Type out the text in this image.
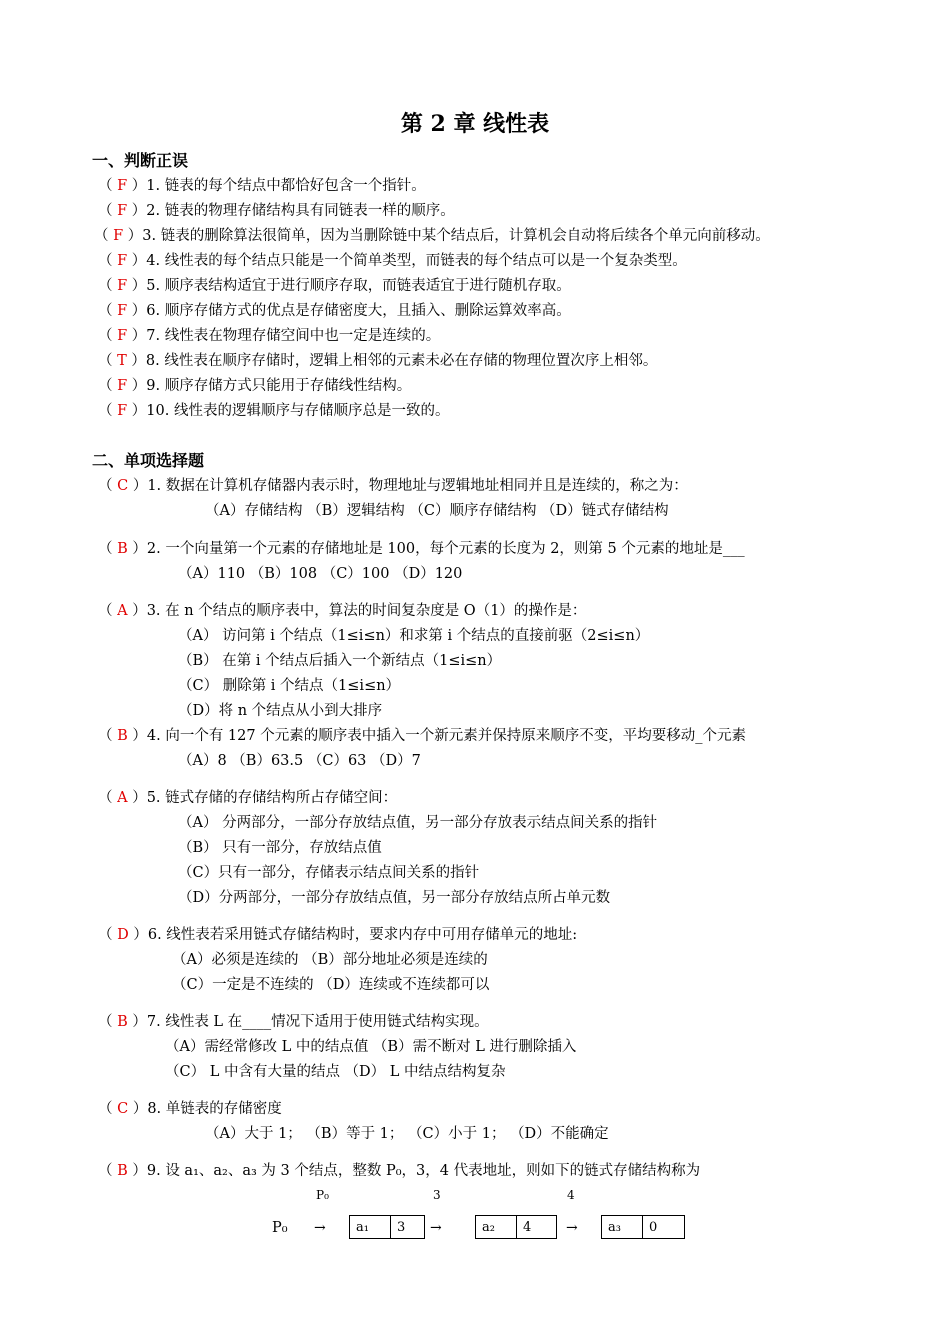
第 2 章 线性表
一、判断正误
（ F ）1. 链表的每个结点中都恰好包含一个指针。
（ F ）2. 链表的物理存储结构具有同链表一样的顺序。
（ F ）3. 链表的删除算法很简单，因为当删除链中某个结点后，计算机会自动将后续各个单元向前移动。
（ F ）4. 线性表的每个结点只能是一个简单类型，而链表的每个结点可以是一个复杂类型。
（ F ）5. 顺序表结构适宜于进行顺序存取，而链表适宜于进行随机存取。
（ F ）6. 顺序存储方式的优点是存储密度大，且插入、删除运算效率高。
（ F ）7. 线性表在物理存储空间中也一定是连续的。
（ T ）8. 线性表在顺序存储时，逻辑上相邻的元素未必在存储的物理位置次序上相邻。
（ F ）9. 顺序存储方式只能用于存储线性结构。
（ F ）10. 线性表的逻辑顺序与存储顺序总是一致的。
二、单项选择题
（ C ）1. 数据在计算机存储器内表示时，物理地址与逻辑地址相同并且是连续的，称之为：
（A）存储结构 （B）逻辑结构 （C）顺序存储结构 （D）链式存储结构
（ B ）2. 一个向量第一个元素的存储地址是 100，每个元素的长度为 2，则第 5 个元素的地址是___
（A）110 （B）108 （C）100 （D）120
（ A ）3. 在 n 个结点的顺序表中，算法的时间复杂度是 O（1）的操作是：
（A） 访问第 i 个结点（1≤i≤n）和求第 i 个结点的直接前驱（2≤i≤n）
（B） 在第 i 个结点后插入一个新结点（1≤i≤n）
（C） 删除第 i 个结点（1≤i≤n）
（D）将 n 个结点从小到大排序
（ B ）4. 向一个有 127 个元素的顺序表中插入一个新元素并保持原来顺序不变，平均要移动_个元素
（A）8 （B）63.5 （C）63 （D）7
（ A ）5. 链式存储的存储结构所占存储空间：
（A） 分两部分，一部分存放结点值，另一部分存放表示结点间关系的指针
（B） 只有一部分，存放结点值
（C）只有一部分，存储表示结点间关系的指针
（D）分两部分，一部分存放结点值，另一部分存放结点所占单元数
（ D ）6. 线性表若采用链式存储结构时，要求内存中可用存储单元的地址:
（A）必须是连续的 （B）部分地址必须是连续的
（C）一定是不连续的 （D）连续或不连续都可以
（ B ）7. 线性表 L 在____情况下适用于使用链式结构实现。
（A）需经常修改 L 中的结点值 （B）需不断对 L 进行删除插入
（C） L 中含有大量的结点 （D） L 中结点结构复杂
（ C ）8. 单链表的存储密度
（A）大于 1； （B）等于 1； （C）小于 1； （D）不能确定
（ B ）9. 设 a₁、a₂、a₃ 为 3 个结点，整数 P₀，3，4 代表地址，则如下的链式存储结构称为
P₀	3	4
P₀ →	→	→
a₁	3	a₂	4	a₃	0
